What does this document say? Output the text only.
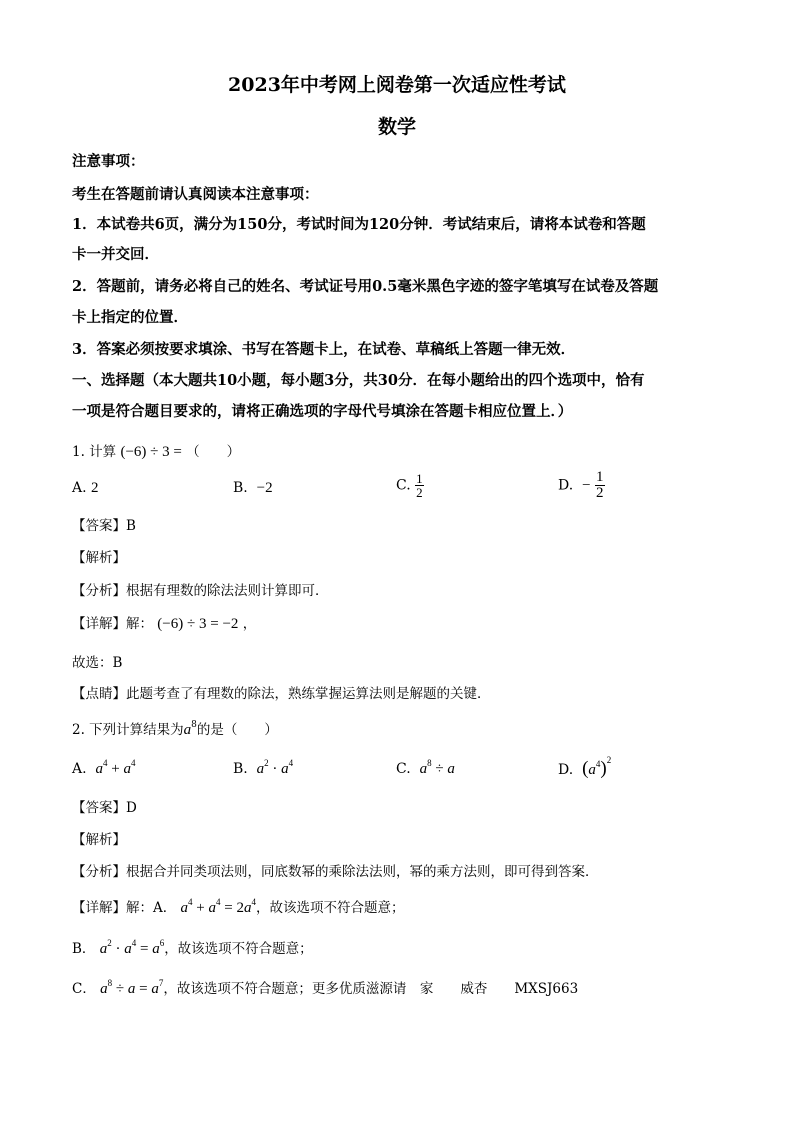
2023年中考网上阅卷第一次适应性考试
数学
注意事项：
考生在答题前请认真阅读本注意事项：
1．本试卷共6页，满分为150分，考试时间为120分钟．考试结束后，请将本试卷和答题
卡一并交回．
2．答题前，请务必将自己的姓名、考试证号用0.5毫米黑色字迹的签字笔填写在试卷及答题
卡上指定的位置．
3．答案必须按要求填涂、书写在答题卡上，在试卷、草稿纸上答题一律无效．
一、选择题（本大题共10小题，每小题3分，共30分．在每小题给出的四个选项中，恰有
一项是符合题目要求的，请将正确选项的字母代号填涂在答题卡相应位置上．）
1. 计算 (−6) ÷ 3 = （　　）
A. 2	B. −2	C. $\frac{1}{2}$	D. − $\frac{1}{2}$
【答案】B
【解析】
【分析】根据有理数的除法法则计算即可．
【详解】解： (−6) ÷ 3 = −2 ，
故选：B
【点睛】此题考查了有理数的除法，熟练掌握运算法则是解题的关键．
2. 下列计算结果为$a^8$的是（　　）
A. $a^4 + a^4$	B. $a^2 \cdot a^4$	C. $a^8 \div a$	D. $(a^4)^2$
【答案】D
【解析】
【分析】根据合并同类项法则，同底数幂的乘除法法则，幂的乘方法则，即可得到答案．
【详解】解：A． $a^4 + a^4 = 2a^4$，故该选项不符合题意；
B． $a^2 \cdot a^4 = a^6$，故该选项不符合题意；
C． $a^8 \div a = a^7$，故该选项不符合题意；更多优质滋源请　家　　威杏　　MXSJ663
